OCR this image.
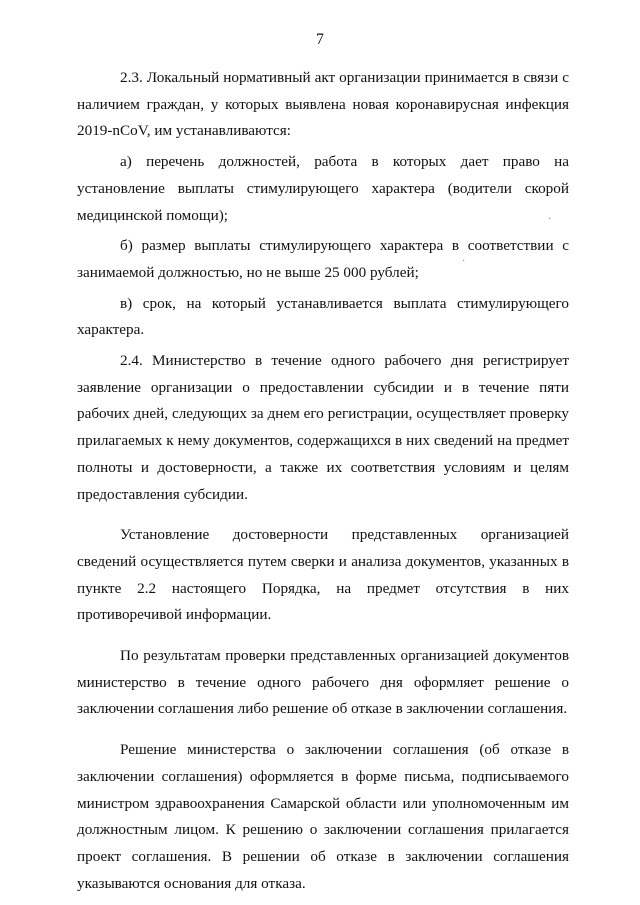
7

2.3. Локальный нормативный акт организации принимается в связи с наличием граждан, у которых выявлена новая коронавирусная инфекция 2019-nCoV, им устанавливаются:

а) перечень должностей, работа в которых дает право на установление выплаты стимулирующего характера (водители скорой медицинской помощи);

б) размер выплаты стимулирующего характера в соответствии с занимаемой должностью, но не выше 25 000 рублей;

в) срок, на который устанавливается выплата стимулирующего характера.

2.4. Министерство в течение одного рабочего дня регистрирует заявление организации о предоставлении субсидии и в течение пяти рабочих дней, следующих за днем его регистрации, осуществляет проверку прилагаемых к нему документов, содержащихся в них сведений на предмет полноты и достоверности, а также их соответствия условиям и целям предоставления субсидии.

Установление достоверности представленных организацией сведений осуществляется путем сверки и анализа документов, указанных в пункте 2.2 настоящего Порядка, на предмет отсутствия в них противоречивой информации.

По результатам проверки представленных организацией документов министерство в течение одного рабочего дня оформляет решение о заключении соглашения либо решение об отказе в заключении соглашения.

Решение министерства о заключении соглашения (об отказе в заключении соглашения) оформляется в форме письма, подписываемого министром здравоохранения Самарской области или уполномоченным им должностным лицом. К решению о заключении соглашения прилагается проект соглашения. В решении об отказе в заключении соглашения указываются основания для отказа.

·
·
